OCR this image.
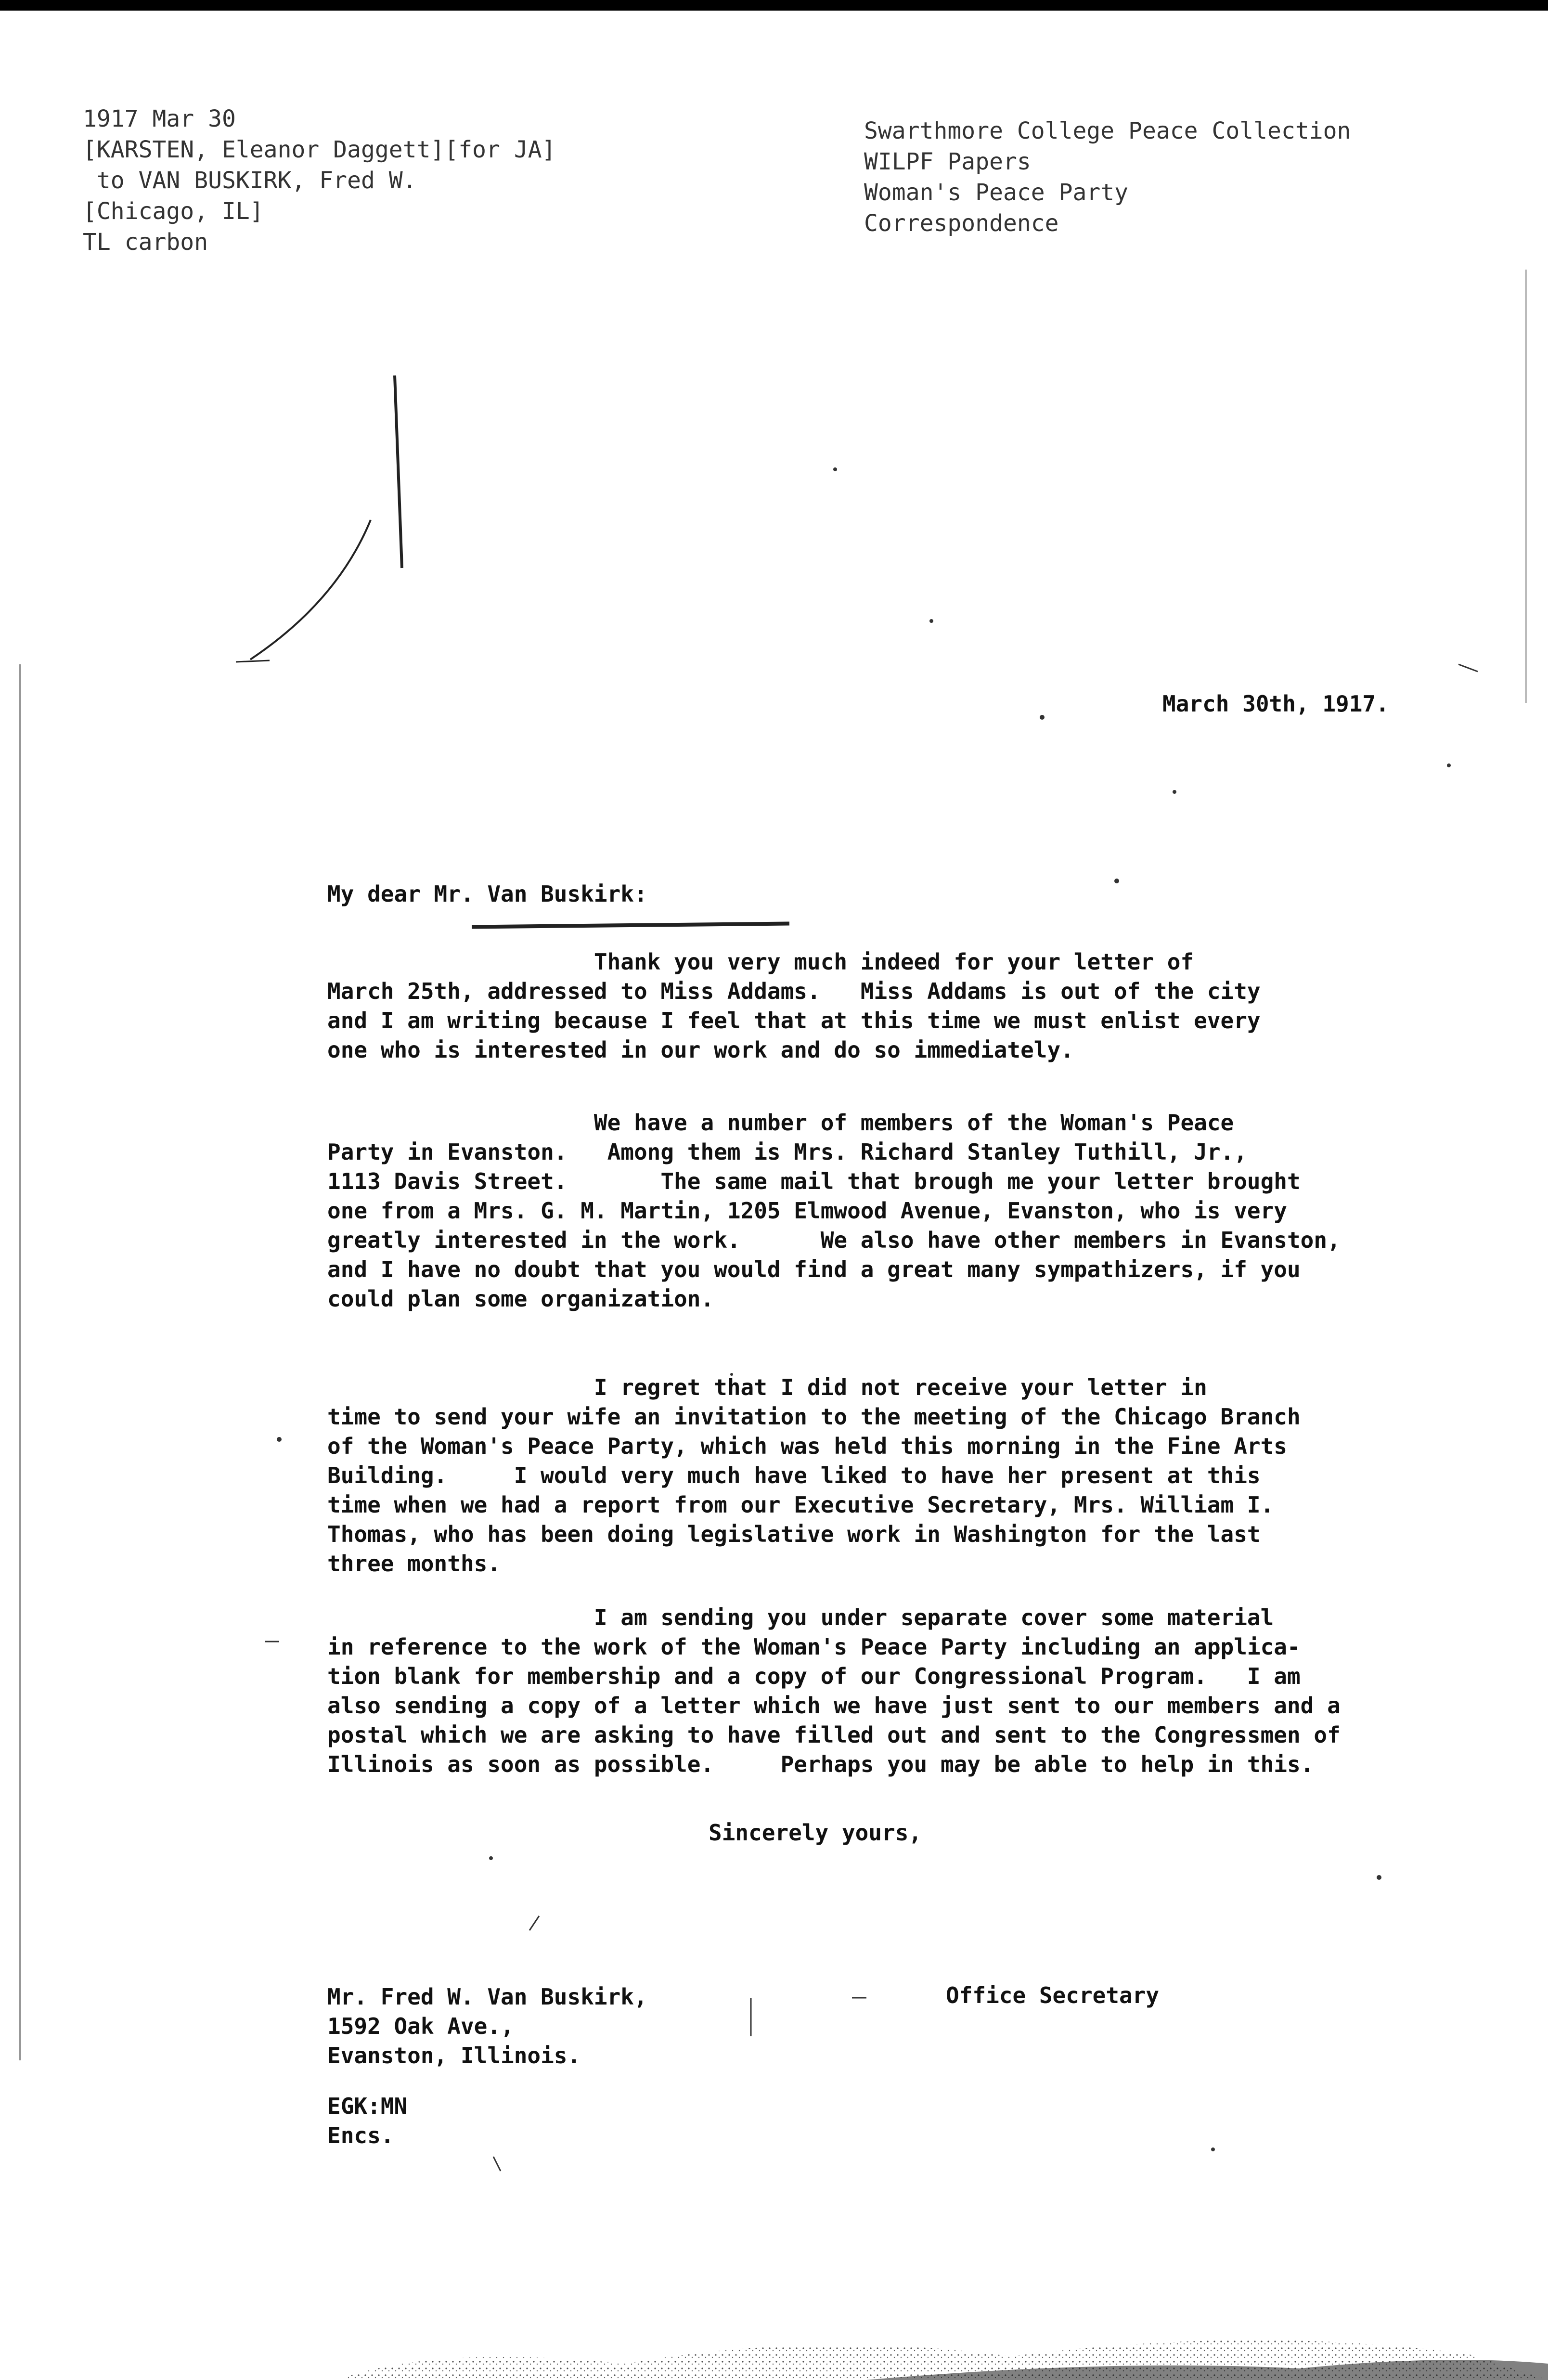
1917 Mar 30
[KARSTEN, Eleanor Daggett][for JA]
to VAN BUSKIRK, Fred W.
[Chicago, IL]
TL carbon
Swarthmore College Peace Collection
WILPF Papers
Woman's Peace Party
Correspondence
March 30th, 1917.
My dear Mr. Van Buskirk:
Thank you very much indeed for your letter of
March 25th, addressed to Miss Addams.   Miss Addams is out of the city
and I am writing because I feel that at this time we must enlist every
one who is interested in our work and do so immediately.
We have a number of members of the Woman's Peace
Party in Evanston.   Among them is Mrs. Richard Stanley Tuthill, Jr.,
1113 Davis Street.       The same mail that brough me your letter brought
one from a Mrs. G. M. Martin, 1205 Elmwood Avenue, Evanston, who is very
greatly interested in the work.      We also have other members in Evanston,
and I have no doubt that you would find a great many sympathizers, if you
could plan some organization.
I regret that I did not receive your letter in
time to send your wife an invitation to the meeting of the Chicago Branch
of the Woman's Peace Party, which was held this morning in the Fine Arts
Building.     I would very much have liked to have her present at this
time when we had a report from our Executive Secretary, Mrs. William I.
Thomas, who has been doing legislative work in Washington for the last
three months.
I am sending you under separate cover some material
in reference to the work of the Woman's Peace Party including an applica-
tion blank for membership and a copy of our Congressional Program.   I am
also sending a copy of a letter which we have just sent to our members and a
postal which we are asking to have filled out and sent to the Congressmen of
Illinois as soon as possible.     Perhaps you may be able to help in this.
Sincerely yours,
Mr. Fred W. Van Buskirk,
1592 Oak Ave.,
Evanston, Illinois.
Office Secretary
EGK:MN
Encs.
